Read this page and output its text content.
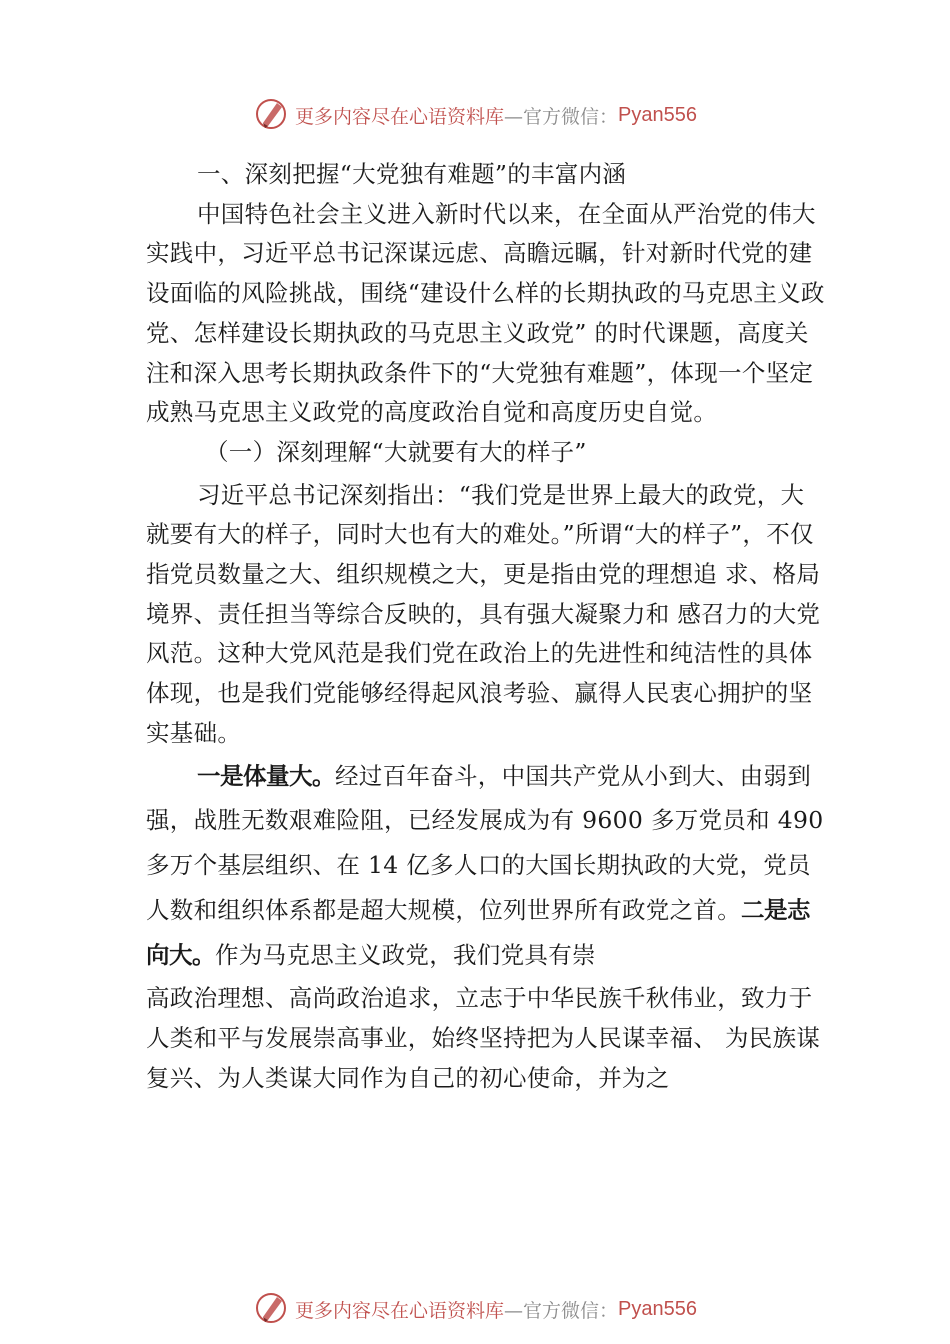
更多内容尽在心语资料库 —官方微信： Pyan556

一、深刻把握“大党独有难题”的丰富内涵

中国特色社会主义进入新时代以来，在全面从严治党的伟大实践中，习近平总书记深谋远虑、高瞻远瞩，针对新时代党的建设面临的风险挑战，围绕“建设什么样的长期执政的马克思主义政党、怎样建设长期执政的马克思主义政党” 的时代课题，高度关注和深入思考长期执政条件下的“大党独有难题”，体现一个坚定成熟马克思主义政党的高度政治自觉和高度历史自觉。

（一）深刻理解“大就要有大的样子”

习近平总书记深刻指出：“我们党是世界上最大的政党，大就要有大的样子，同时大也有大的难处。”所谓“大的样子”，不仅指党员数量之大、组织规模之大，更是指由党的理想追 求、格局境界、责任担当等综合反映的，具有强大凝聚力和 感召力的大党风范。这种大党风范是我们党在政治上的先进性和纯洁性的具体体现，也是我们党能够经得起风浪考验、赢得人民衷心拥护的坚实基础。

一是体量大。经过百年奋斗，中国共产党从小到大、由弱到强，战胜无数艰难险阻，已经发展成为有 9600 多万党员和 490 多万个基层组织、在 14 亿多人口的大国长期执政的大党，党员人数和组织体系都是超大规模，位列世界所有政党之首。二是志向大。作为马克思主义政党，我们党具有崇

高政治理想、高尚政治追求，立志于中华民族千秋伟业，致力于人类和平与发展崇高事业，始终坚持把为人民谋幸福、 为民族谋复兴、为人类谋大同作为自己的初心使命，并为之

更多内容尽在心语资料库 —官方微信： Pyan556
